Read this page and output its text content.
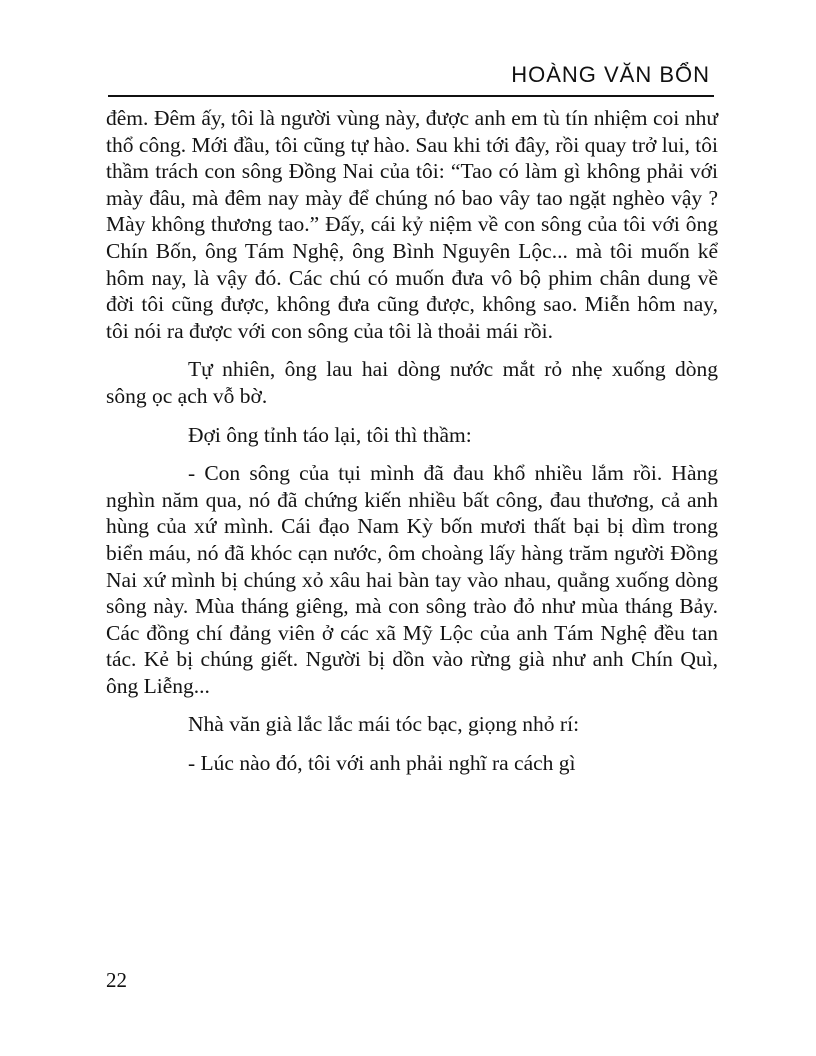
HOÀNG VĂN BỔN

đêm. Đêm ấy, tôi là người vùng này, được anh em tù tín nhiệm coi như thổ công. Mới đầu, tôi cũng tự hào. Sau khi tới đây, rồi quay trở lui, tôi thầm trách con sông Đồng Nai của tôi: “Tao có làm gì không phải với mày đâu, mà đêm nay mày để chúng nó bao vây tao ngặt nghèo vậy ? Mày không thương tao.” Đấy, cái kỷ niệm về con sông của tôi với ông Chín Bốn, ông Tám Nghệ, ông Bình Nguyên Lộc... mà tôi muốn kể hôm nay, là vậy đó. Các chú có muốn đưa vô bộ phim chân dung về đời tôi cũng được, không đưa cũng được, không sao. Miễn hôm nay, tôi nói ra được với con sông của tôi là thoải mái rồi.

Tự nhiên, ông lau hai dòng nước mắt rỏ nhẹ xuống dòng sông ọc ạch vỗ bờ.

Đợi ông tỉnh táo lại, tôi thì thầm:

- Con sông của tụi mình đã đau khổ nhiều lắm rồi. Hàng nghìn năm qua, nó đã chứng kiến nhiều bất công, đau thương, cả anh hùng của xứ mình. Cái đạo Nam Kỳ bốn mươi thất bại bị dìm trong biển máu, nó đã khóc cạn nước, ôm choàng lấy hàng trăm người Đồng Nai xứ mình bị chúng xỏ xâu hai bàn tay vào nhau, quẳng xuống dòng sông này. Mùa tháng giêng, mà con sông trào đỏ như mùa tháng Bảy. Các đồng chí đảng viên ở các xã Mỹ Lộc của anh Tám Nghệ đều tan tác. Kẻ bị chúng giết. Người bị dồn vào rừng già như anh Chín Quì, ông Liễng...

Nhà văn già lắc lắc mái tóc bạc, giọng nhỏ rí:

- Lúc nào đó, tôi với anh phải nghĩ ra cách gì

22
